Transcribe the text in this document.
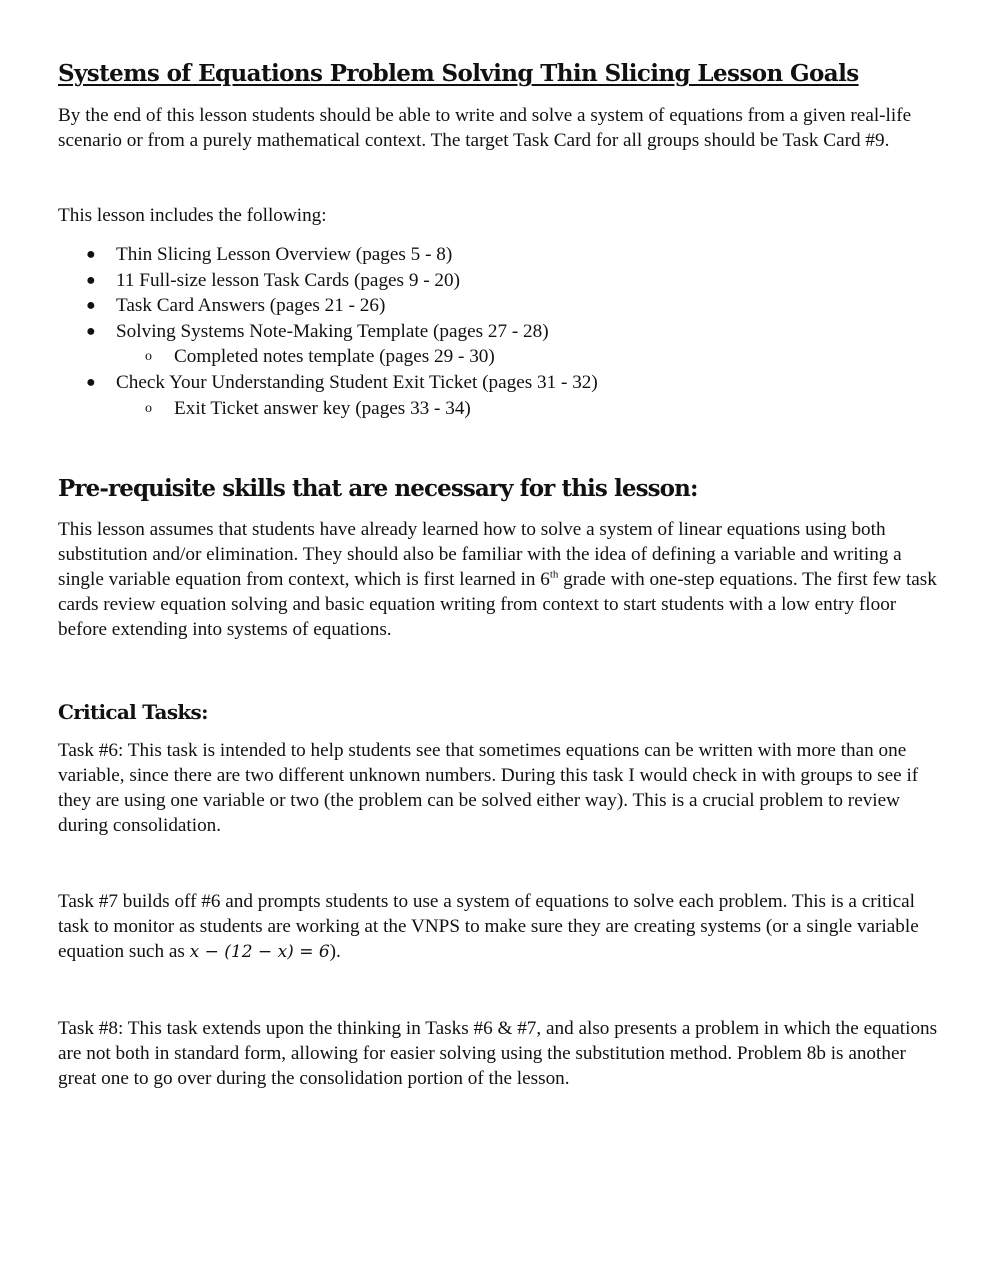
Systems of Equations Problem Solving Thin Slicing Lesson Goals

By the end of this lesson students should be able to write and solve a system of equations from a given real-life scenario or from a purely mathematical context. The target Task Card for all groups should be Task Card #9.

This lesson includes the following:

● Thin Slicing Lesson Overview (pages 5 - 8)
● 11 Full-size lesson Task Cards (pages 9 - 20)
● Task Card Answers (pages 21 - 26)
● Solving Systems Note-Making Template (pages 27 - 28)
o Completed notes template (pages 29 - 30)
● Check Your Understanding Student Exit Ticket (pages 31 - 32)
o Exit Ticket answer key (pages 33 - 34)
Pre-requisite skills that are necessary for this lesson:

This lesson assumes that students have already learned how to solve a system of linear equations using both substitution and/or elimination. They should also be familiar with the idea of defining a variable and writing a single variable equation from context, which is first learned in 6th grade with one-step equations. The first few task cards review equation solving and basic equation writing from context to start students with a low entry floor before extending into systems of equations.

Critical Tasks:

Task #6: This task is intended to help students see that sometimes equations can be written with more than one variable, since there are two different unknown numbers. During this task I would check in with groups to see if they are using one variable or two (the problem can be solved either way). This is a crucial problem to review during consolidation.

Task #7 builds off #6 and prompts students to use a system of equations to solve each problem. This is a critical task to monitor as students are working at the VNPS to make sure they are creating systems (or a single variable equation such as x − (12 − x) = 6).

Task #8: This task extends upon the thinking in Tasks #6 & #7, and also presents a problem in which the equations are not both in standard form, allowing for easier solving using the substitution method. Problem 8b is another great one to go over during the consolidation portion of the lesson.
